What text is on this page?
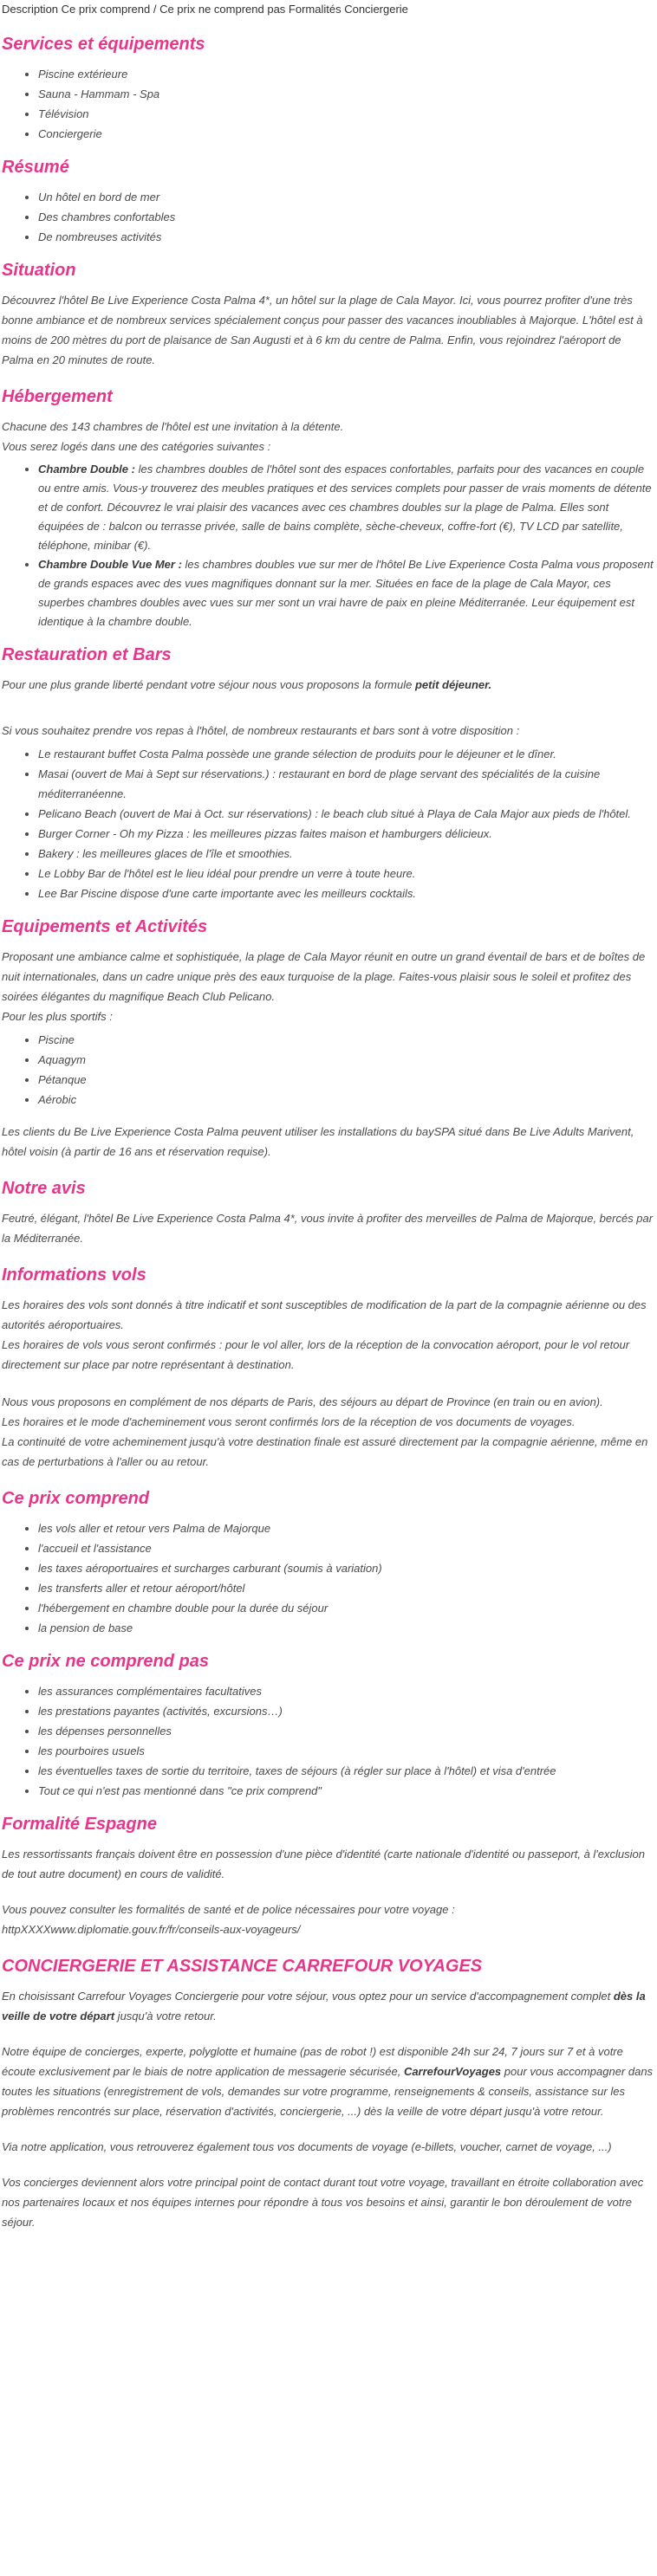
Description Ce prix comprend / Ce prix ne comprend pas Formalités Conciergerie
Services et équipements
• Piscine extérieure
• Sauna - Hammam - Spa
• Télévision
• Conciergerie
Résumé
• Un hôtel en bord de mer
• Des chambres confortables
• De nombreuses activités
Situation

Découvrez l'hôtel Be Live Experience Costa Palma 4*, un hôtel sur la plage de Cala Mayor. Ici, vous pourrez profiter d'une très bonne ambiance et de nombreux services spécialement conçus pour passer des vacances inoubliables à Majorque. L'hôtel est à moins de 200 mètres du port de plaisance de San Augusti et à 6 km du centre de Palma. Enfin, vous rejoindrez l'aéroport de Palma en 20 minutes de route.

Hébergement

Chacune des 143 chambres de l'hôtel est une invitation à la détente.
Vous serez logés dans une des catégories suivantes :

• Chambre Double : les chambres doubles de l'hôtel sont des espaces confortables, parfaits pour des vacances en couple ou entre amis. Vous-y trouverez des meubles pratiques et des services complets pour passer de vrais moments de détente et de confort. Découvrez le vrai plaisir des vacances avec ces chambres doubles sur la plage de Palma. Elles sont équipées de : balcon ou terrasse privée, salle de bains complète, sèche-cheveux, coffre-fort (€), TV LCD par satellite, téléphone, minibar (€).
• Chambre Double Vue Mer : les chambres doubles vue sur mer de l'hôtel Be Live Experience Costa Palma vous proposent de grands espaces avec des vues magnifiques donnant sur la mer. Situées en face de la plage de Cala Mayor, ces superbes chambres doubles avec vues sur mer sont un vrai havre de paix en pleine Méditerranée. Leur équipement est identique à la chambre double.
Restauration et Bars

Pour une plus grande liberté pendant votre séjour nous vous proposons la formule petit déjeuner.

Si vous souhaitez prendre vos repas à l'hôtel, de nombreux restaurants et bars sont à votre disposition :

• Le restaurant buffet Costa Palma possède une grande sélection de produits pour le déjeuner et le dîner.
• Masai (ouvert de Mai à Sept sur réservations.) : restaurant en bord de plage servant des spécialités de la cuisine méditerranéenne.
• Pelicano Beach (ouvert de Mai à Oct. sur réservations) : le beach club situé à Playa de Cala Major aux pieds de l'hôtel.
• Burger Corner - Oh my Pizza : les meilleures pizzas faites maison et hamburgers délicieux.
• Bakery : les meilleures glaces de l'île et smoothies.
• Le Lobby Bar de l'hôtel est le lieu idéal pour prendre un verre à toute heure.
• Lee Bar Piscine dispose d'une carte importante avec les meilleurs cocktails.
Equipements et Activités

Proposant une ambiance calme et sophistiquée, la plage de Cala Mayor réunit en outre un grand éventail de bars et de boîtes de nuit internationales, dans un cadre unique près des eaux turquoise de la plage. Faites-vous plaisir sous le soleil et profitez des soirées élégantes du magnifique Beach Club Pelicano.
Pour les plus sportifs :

• Piscine
• Aquagym
• Pétanque
• Aérobic

Les clients du Be Live Experience Costa Palma peuvent utiliser les installations du baySPA situé dans Be Live Adults Marivent, hôtel voisin (à partir de 16 ans et réservation requise).

Notre avis

Feutré, élégant, l'hôtel Be Live Experience Costa Palma 4*, vous invite à profiter des merveilles de Palma de Majorque, bercés par la Méditerranée.

Informations vols

Les horaires des vols sont donnés à titre indicatif et sont susceptibles de modification de la part de la compagnie aérienne ou des autorités aéroportuaires.
Les horaires de vols vous seront confirmés : pour le vol aller, lors de la réception de la convocation aéroport, pour le vol retour directement sur place par notre représentant à destination.

Nous vous proposons en complément de nos départs de Paris, des séjours au départ de Province (en train ou en avion).
Les horaires et le mode d'acheminement vous seront confirmés lors de la réception de vos documents de voyages.
La continuité de votre acheminement jusqu'à votre destination finale est assuré directement par la compagnie aérienne, même en cas de perturbations à l'aller ou au retour.

Ce prix comprend
• les vols aller et retour vers Palma de Majorque
• l'accueil et l'assistance
• les taxes aéroportuaires et surcharges carburant (soumis à variation)
• les transferts aller et retour aéroport/hôtel
• l'hébergement en chambre double pour la durée du séjour
• la pension de base
Ce prix ne comprend pas
• les assurances complémentaires facultatives
• les prestations payantes (activités, excursions…)
• les dépenses personnelles
• les pourboires usuels
• les éventuelles taxes de sortie du territoire, taxes de séjours (à régler sur place à l'hôtel) et visa d'entrée
• Tout ce qui n'est pas mentionné dans "ce prix comprend"
Formalité Espagne

Les ressortissants français doivent être en possession d'une pièce d'identité (carte nationale d'identité ou passeport, à l'exclusion de tout autre document) en cours de validité.

Vous pouvez consulter les formalités de santé et de police nécessaires pour votre voyage :
httpXXXXwww.diplomatie.gouv.fr/fr/conseils-aux-voyageurs/

CONCIERGERIE ET ASSISTANCE CARREFOUR VOYAGES

En choisissant Carrefour Voyages Conciergerie pour votre séjour, vous optez pour un service d'accompagnement complet dès la veille de votre départ jusqu'à votre retour.

Notre équipe de concierges, experte, polyglotte et humaine (pas de robot !) est disponible 24h sur 24, 7 jours sur 7 et à votre écoute exclusivement par le biais de notre application de messagerie sécurisée, CarrefourVoyages pour vous accompagner dans toutes les situations (enregistrement de vols, demandes sur votre programme, renseignements & conseils, assistance sur les problèmes rencontrés sur place, réservation d'activités, conciergerie, ...) dès la veille de votre départ jusqu'à votre retour.

Via notre application, vous retrouverez également tous vos documents de voyage (e-billets, voucher, carnet de voyage, ...)

Vos concierges deviennent alors votre principal point de contact durant tout votre voyage, travaillant en étroite collaboration avec nos partenaires locaux et nos équipes internes pour répondre à tous vos besoins et ainsi, garantir le bon déroulement de votre séjour.
